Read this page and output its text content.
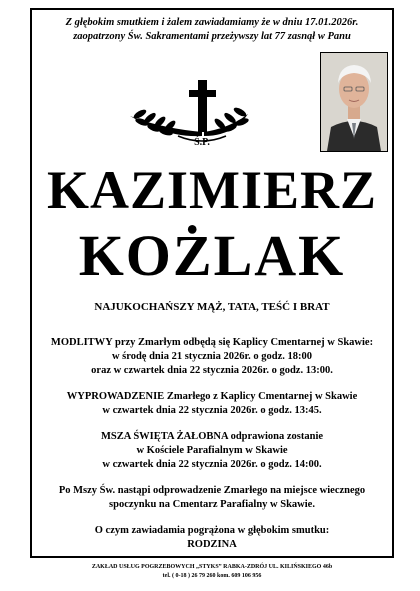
Z głębokim smutkiem i żalem zawiadamiamy że w dniu 17.01.2026r.
zaopatrzony Św. Sakramentami przeżywszy lat 77 zasnął w Panu
Ś.P.
KAZIMIERZ
KOŻLAK
NAJUKOCHAŃSZY MĄŻ, TATA, TEŚĆ I BRAT
MODLITWY przy Zmarłym odbędą się Kaplicy Cmentarnej w Skawie:
w środę dnia 21 stycznia 2026r. o godz. 18:00
oraz w czwartek dnia 22 stycznia 2026r. o godz. 13:00.
WYPROWADZENIE Zmarłego z Kaplicy Cmentarnej w Skawie
w czwartek dnia 22 stycznia 2026r. o godz. 13:45.
MSZA ŚWIĘTA ŻAŁOBNA odprawiona zostanie
w Kościele Parafialnym w Skawie
w czwartek dnia 22 stycznia 2026r. o godz. 14:00.
Po Mszy Św. nastąpi odprowadzenie Zmarłego na miejsce wiecznego
spoczynku na Cmentarz Parafialny w Skawie.
O czym zawiadamia pogrążona w głębokim smutku:
RODZINA
ZAKŁAD USŁUG POGRZEBOWYCH „STYKS” RABKA-ZDRÓJ UL. KILIŃSKIEGO 46b
tel. ( 0-18 ) 26 79 260 kom. 609 106 956
